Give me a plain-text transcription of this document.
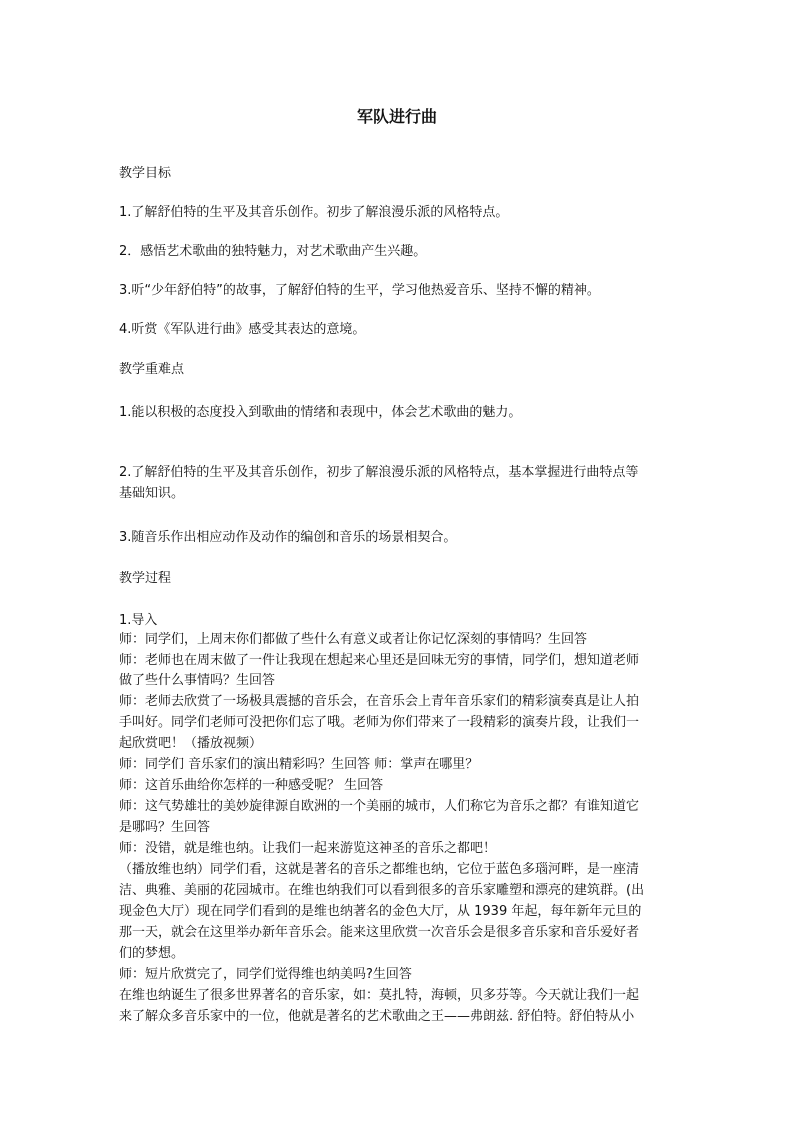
军队进行曲
教学目标
1.了解舒伯特的生平及其音乐创作。初步了解浪漫乐派的风格特点。
2．感悟艺术歌曲的独特魅力，对艺术歌曲产生兴趣。
3.听“少年舒伯特”的故事，了解舒伯特的生平，学习他热爱音乐、坚持不懈的精神。
4.听赏《军队进行曲》感受其表达的意境。
教学重难点
1.能以积极的态度投入到歌曲的情绪和表现中，体会艺术歌曲的魅力。
2.了解舒伯特的生平及其音乐创作，初步了解浪漫乐派的风格特点，基本掌握进行曲特点等
基础知识。
3.随音乐作出相应动作及动作的编创和音乐的场景相契合。
教学过程
1.导入
师：同学们，上周末你们都做了些什么有意义或者让你记忆深刻的事情吗？生回答
师：老师也在周末做了一件让我现在想起来心里还是回味无穷的事情，同学们，想知道老师
做了些什么事情吗？生回答
师：老师去欣赏了一场极具震撼的音乐会，在音乐会上青年音乐家们的精彩演奏真是让人拍
手叫好。同学们老师可没把你们忘了哦。老师为你们带来了一段精彩的演奏片段，让我们一
起欣赏吧！（播放视频）
师：同学们 音乐家们的演出精彩吗？生回答 师：掌声在哪里？
师：这首乐曲给你怎样的一种感受呢？ 生回答
师：这气势雄壮的美妙旋律源自欧洲的一个美丽的城市，人们称它为音乐之都？有谁知道它
是哪吗？生回答
师：没错，就是维也纳。让我们一起来游览这神圣的音乐之都吧！
（播放维也纳）同学们看，这就是著名的音乐之都维也纳，它位于蓝色多瑙河畔，是一座清
洁、典雅、美丽的花园城市。在维也纳我们可以看到很多的音乐家雕塑和漂亮的建筑群。(出
现金色大厅）现在同学们看到的是维也纳著名的金色大厅，从 1939 年起，每年新年元旦的
那一天，就会在这里举办新年音乐会。能来这里欣赏一次音乐会是很多音乐家和音乐爱好者
们的梦想。
师：短片欣赏完了，同学们觉得维也纳美吗?生回答
在维也纳诞生了很多世界著名的音乐家，如：莫扎特，海顿，贝多芬等。今天就让我们一起
来了解众多音乐家中的一位，他就是著名的艺术歌曲之王——弗朗兹. 舒伯特。舒伯特从小
